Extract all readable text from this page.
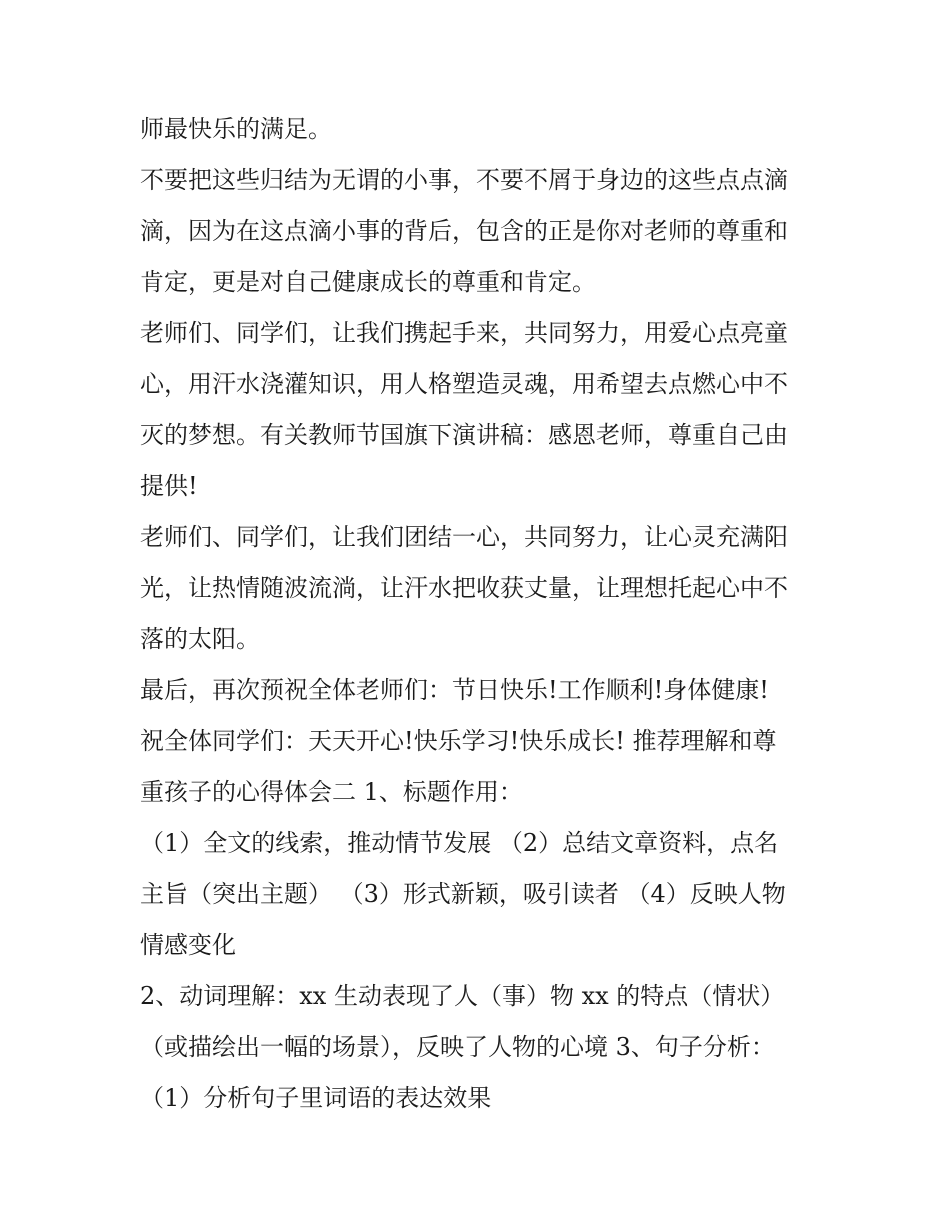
师最快乐的满足。
不要把这些归结为无谓的小事，不要不屑于身边的这些点点滴
滴，因为在这点滴小事的背后，包含的正是你对老师的尊重和
肯定，更是对自己健康成长的尊重和肯定。
老师们、同学们，让我们携起手来，共同努力，用爱心点亮童
心，用汗水浇灌知识，用人格塑造灵魂，用希望去点燃心中不
灭的梦想。有关教师节国旗下演讲稿：感恩老师，尊重自己由
提供!
老师们、同学们，让我们团结一心，共同努力，让心灵充满阳
光，让热情随波流淌，让汗水把收获丈量，让理想托起心中不
落的太阳。
最后，再次预祝全体老师们：节日快乐!工作顺利!身体健康!
祝全体同学们：天天开心!快乐学习!快乐成长! 推荐理解和尊
重孩子的心得体会二 1、标题作用：
（1）全文的线索，推动情节发展 （2）总结文章资料，点名
主旨（突出主题） （3）形式新颖，吸引读者 （4）反映人物
情感变化
2、动词理解：xx 生动表现了人（事）物 xx 的特点（情状）
（或描绘出一幅的场景），反映了人物的心境 3、句子分析：
（1）分析句子里词语的表达效果
